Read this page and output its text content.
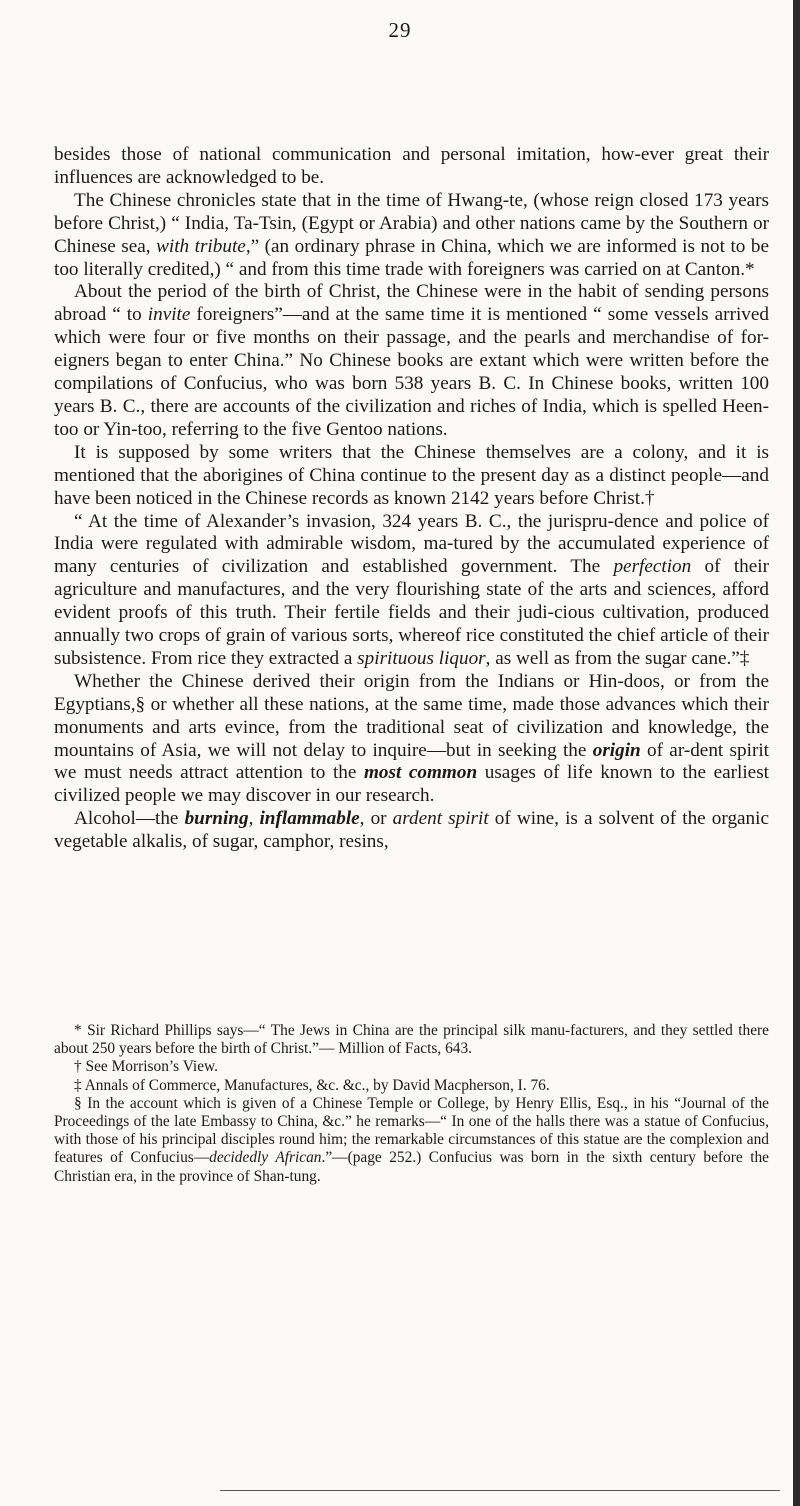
29

besides those of national communication and personal imitation, how-ever great their influences are acknowledged to be.

The Chinese chronicles state that in the time of Hwang-te, (whose reign closed 173 years before Christ,) “ India, Ta-Tsin, (Egypt or Arabia) and other nations came by the Southern or Chinese sea, with tribute,” (an ordinary phrase in China, which we are informed is not to be too literally credited,) “ and from this time trade with foreigners was carried on at Canton.*

About the period of the birth of Christ, the Chinese were in the habit of sending persons abroad “ to invite foreigners”—and at the same time it is mentioned “ some vessels arrived which were four or five months on their passage, and the pearls and merchandise of for-eigners began to enter China.” No Chinese books are extant which were written before the compilations of Confucius, who was born 538 years B. C. In Chinese books, written 100 years B. C., there are accounts of the civilization and riches of India, which is spelled Heen-too or Yin-too, referring to the five Gentoo nations.

It is supposed by some writers that the Chinese themselves are a colony, and it is mentioned that the aborigines of China continue to the present day as a distinct people—and have been noticed in the Chinese records as known 2142 years before Christ.†

“ At the time of Alexander’s invasion, 324 years B. C., the jurispru-dence and police of India were regulated with admirable wisdom, ma-tured by the accumulated experience of many centuries of civilization and established government. The perfection of their agriculture and manufactures, and the very flourishing state of the arts and sciences, afford evident proofs of this truth. Their fertile fields and their judi-cious cultivation, produced annually two crops of grain of various sorts, whereof rice constituted the chief article of their subsistence. From rice they extracted a spirituous liquor, as well as from the sugar cane.”‡

Whether the Chinese derived their origin from the Indians or Hin-doos, or from the Egyptians,§ or whether all these nations, at the same time, made those advances which their monuments and arts evince, from the traditional seat of civilization and knowledge, the mountains of Asia, we will not delay to inquire—but in seeking the origin of ar-dent spirit we must needs attract attention to the most common usages of life known to the earliest civilized people we may discover in our research.

Alcohol—the burning, inflammable, or ardent spirit of wine, is a solvent of the organic vegetable alkalis, of sugar, camphor, resins,

* Sir Richard Phillips says—“ The Jews in China are the principal silk manu-facturers, and they settled there about 250 years before the birth of Christ.”— Million of Facts, 643.

† See Morrison’s View.

‡ Annals of Commerce, Manufactures, &c. &c., by David Macpherson, I. 76.

§ In the account which is given of a Chinese Temple or College, by Henry Ellis, Esq., in his “Journal of the Proceedings of the late Embassy to China, &c.” he remarks—“ In one of the halls there was a statue of Confucius, with those of his principal disciples round him; the remarkable circumstances of this statue are the complexion and features of Confucius—decidedly African.”—(page 252.) Confucius was born in the sixth century before the Christian era, in the province of Shan-tung.
